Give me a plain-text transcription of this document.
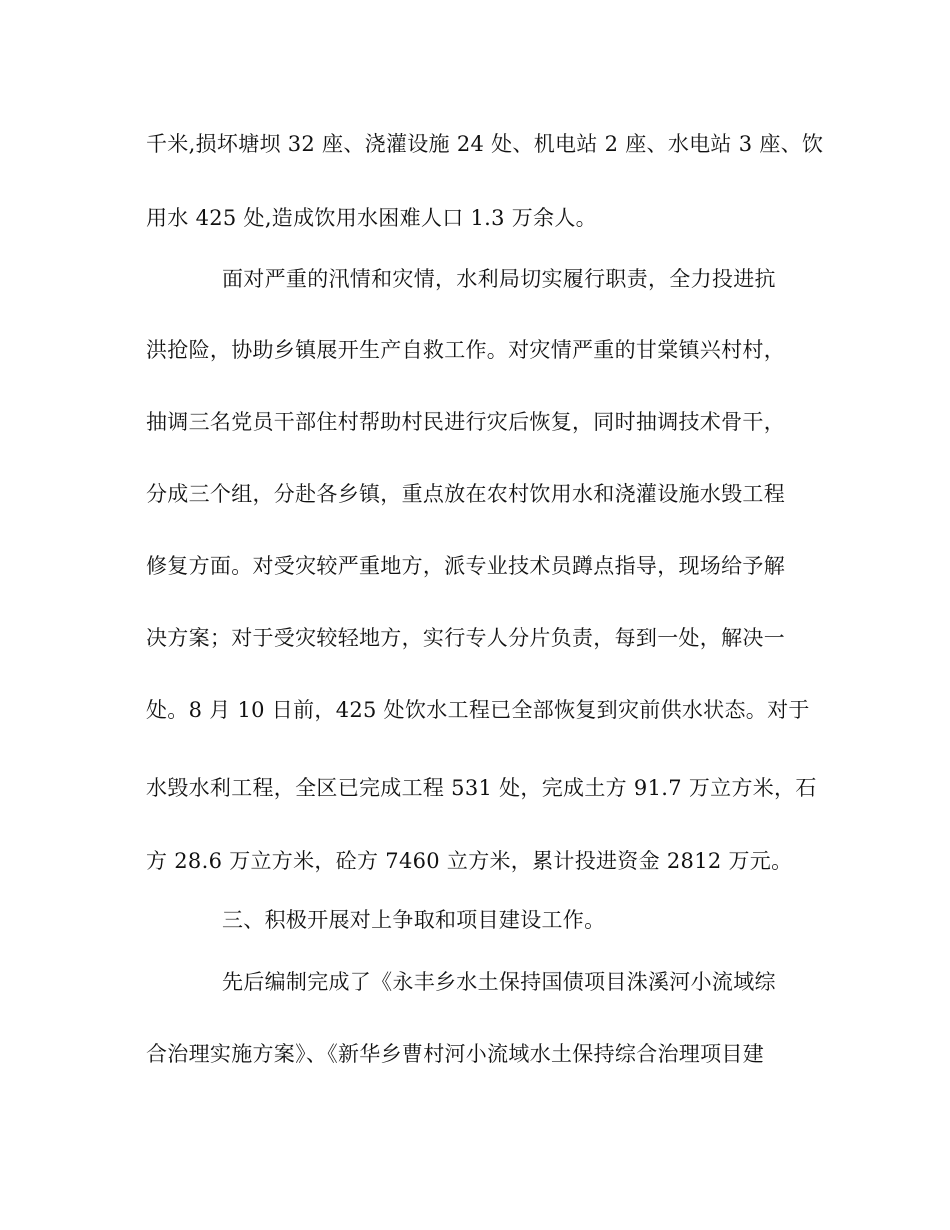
千米,损坏塘坝 32 座、浇灌设施 24 处、机电站 2 座、水电站 3 座、饮
用水 425 处,造成饮用水困难人口 1.3 万余人。
面对严重的汛情和灾情，水利局切实履行职责，全力投进抗
洪抢险，协助乡镇展开生产自救工作。对灾情严重的甘棠镇兴村村，
抽调三名党员干部住村帮助村民进行灾后恢复，同时抽调技术骨干，
分成三个组，分赴各乡镇，重点放在农村饮用水和浇灌设施水毁工程
修复方面。对受灾较严重地方，派专业技术员蹲点指导，现场给予解
决方案；对于受灾较轻地方，实行专人分片负责，每到一处，解决一
处。8 月 10 日前，425 处饮水工程已全部恢复到灾前供水状态。对于
水毁水利工程，全区已完成工程 531 处，完成土方 91.7 万立方米，石
方 28.6 万立方米，砼方 7460 立方米，累计投进资金 2812 万元。
三、积极开展对上争取和项目建设工作。
先后编制完成了《永丰乡水土保持国债项目洙溪河小流域综
合治理实施方案》、《新华乡曹村河小流域水土保持综合治理项目建
